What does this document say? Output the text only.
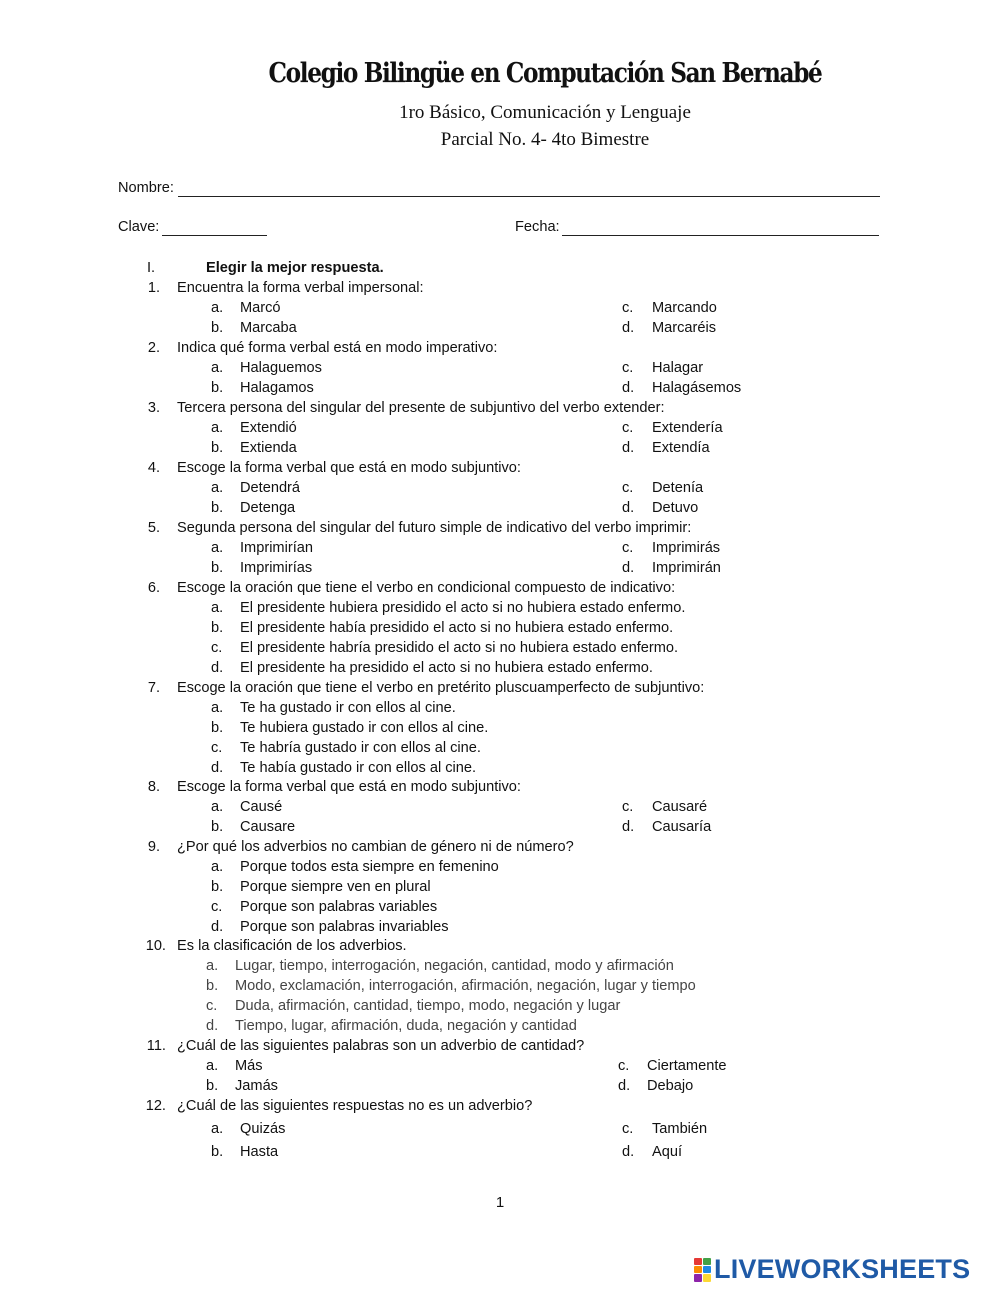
Colegio Bilingüe en Computación San Bernabé
1ro Básico, Comunicación y Lenguaje
Parcial No. 4- 4to Bimestre
Nombre:
Clave:	Fecha:
I.	Elegir la mejor respuesta.
1. Encuentra la forma verbal impersonal:
a.	Marcó
b.	Marcaba
c.	Marcando
d.	Marcaréis
2. Indica qué forma verbal está en modo imperativo:
a.	Halaguemos
b.	Halagamos
c.	Halagar
d.	Halagásemos
3. Tercera persona del singular del presente de subjuntivo del verbo extender:
a.	Extendió
b.	Extienda
c.	Extendería
d.	Extendía
4. Escoge la forma verbal que está en modo subjuntivo:
a.	Detendrá
b.	Detenga
c.	Detenía
d.	Detuvo
5. Segunda persona del singular del futuro simple de indicativo del verbo imprimir:
a.	Imprimirían
b.	Imprimirías
c.	Imprimirás
d.	Imprimirán
6. Escoge la oración que tiene el verbo en condicional compuesto de indicativo:
a.	El presidente hubiera presidido el acto si no hubiera estado enfermo.
b.	El presidente había presidido el acto si no hubiera estado enfermo.
c.	El presidente habría presidido el acto si no hubiera estado enfermo.
d.	El presidente ha presidido el acto si no hubiera estado enfermo.
7. Escoge la oración que tiene el verbo en pretérito pluscuamperfecto de subjuntivo:
a.	Te ha gustado ir con ellos al cine.
b.	Te hubiera gustado ir con ellos al cine.
c.	Te habría gustado ir con ellos al cine.
d.	Te había gustado ir con ellos al cine.
8. Escoge la forma verbal que está en modo subjuntivo:
a.	Causé
b.	Causare
c.	Causaré
d.	Causaría
9. ¿Por qué los adverbios no cambian de género ni de número?
a.	Porque todos esta siempre en femenino
b.	Porque siempre ven en plural
c.	Porque son palabras variables
d.	Porque son palabras invariables
10. Es la clasificación de los adverbios.
a.	Lugar, tiempo, interrogación, negación, cantidad, modo y afirmación
b.	Modo, exclamación, interrogación, afirmación, negación, lugar y tiempo
c.	Duda, afirmación, cantidad, tiempo, modo, negación y lugar
d.	Tiempo, lugar, afirmación, duda, negación y cantidad
11. ¿Cuál de las siguientes palabras son un adverbio de cantidad?
a.	Más
b.	Jamás
c.	Ciertamente
d.	Debajo
12. ¿Cuál de las siguientes respuestas no es un adverbio?
a.	Quizás
b.	Hasta
c.	También
d.	Aquí
1
LIVEWORKSHEETS
